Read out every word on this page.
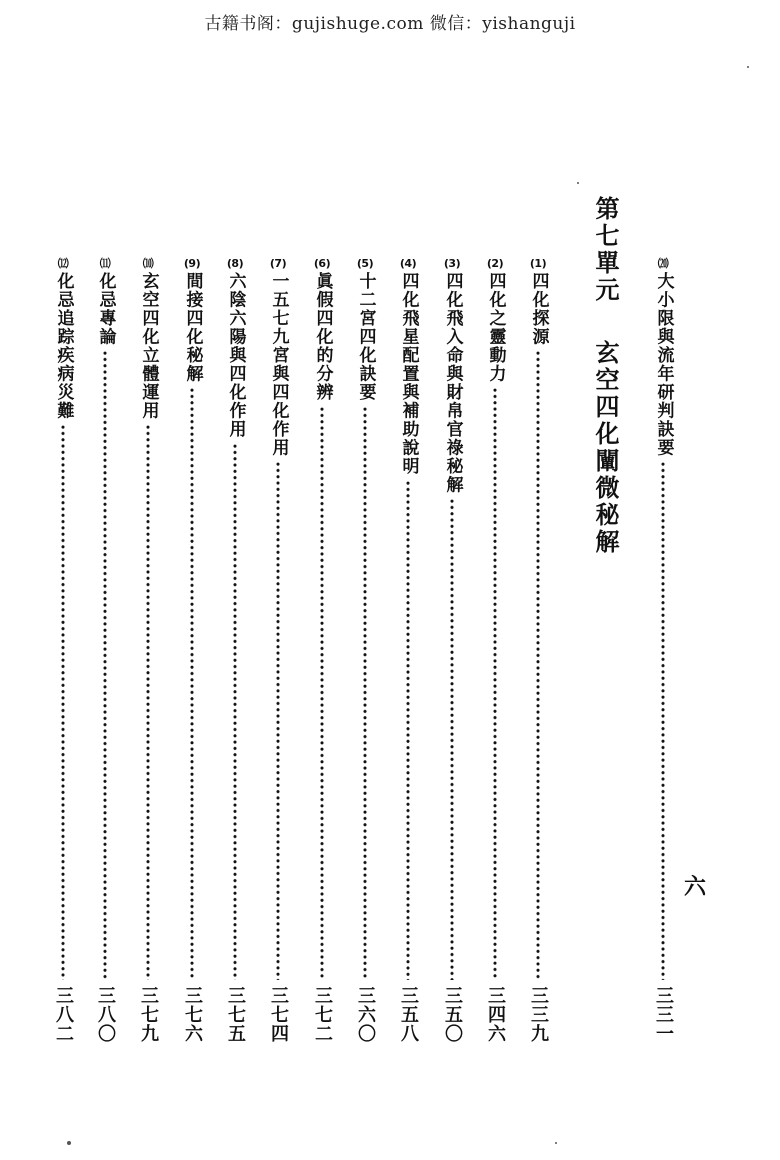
古籍书阁：gujishuge.com 微信：yishanguji
⒇
大小限與流年研判訣要
三三一
第七單元
玄空四化闡微秘解
(1)
四化探源
三三九
(2)
四化之靈動力
三四六
(3)
四化飛入命與財帛官祿秘解
三五〇
(4)
四化飛星配置與補助說明
三五八
(5)
十二宮四化訣要
三六〇
(6)
眞假四化的分辨
三七二
(7)
一五七九宮與四化作用
三七四
(8)
六陰六陽與四化作用
三七五
(9)
間接四化秘解
三七六
⑽
玄空四化立體運用
三七九
⑾
化忌專論
三八〇
⑿
化忌追踪疾病災難
三八二
六
